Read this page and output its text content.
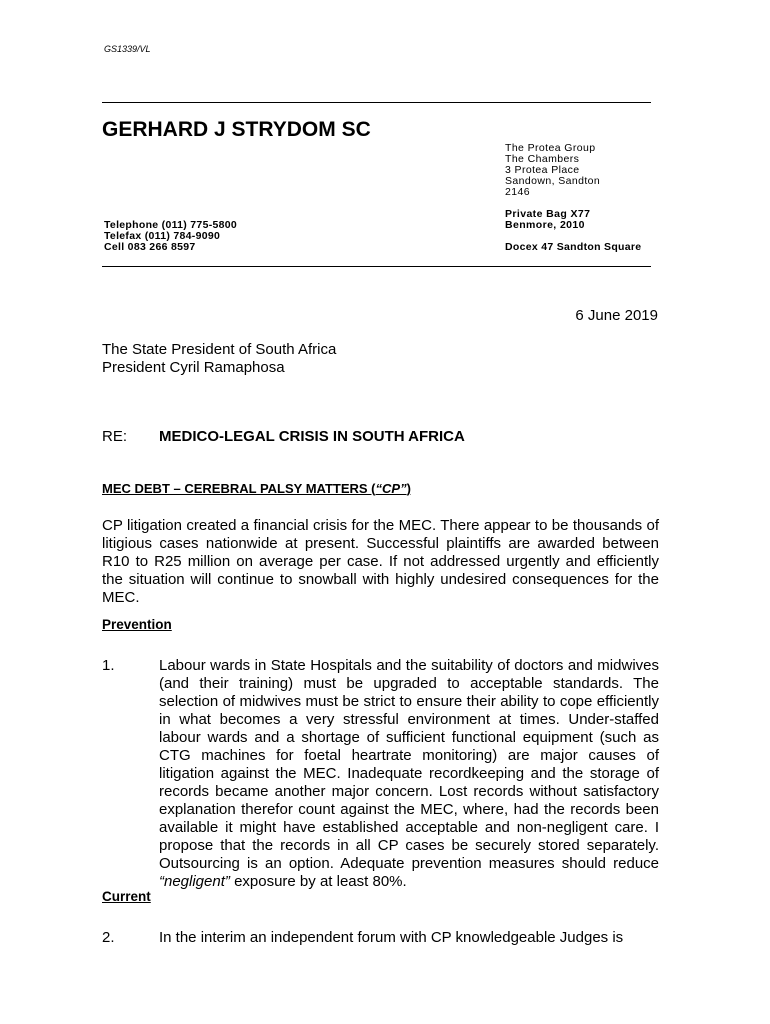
GS1339/VL
GERHARD J STRYDOM SC
The Protea Group
The Chambers
3 Protea Place
Sandown, Sandton
2146
Private Bag X77
Benmore, 2010
Telephone (011) 775-5800
Telefax (011) 784-9090
Cell 083 266 8597	Docex 47 Sandton Square
6 June 2019
The State President of South Africa
President Cyril Ramaphosa
RE: MEDICO-LEGAL CRISIS IN SOUTH AFRICA
MEC DEBT – CEREBRAL PALSY MATTERS (“CP”)
CP litigation created a financial crisis for the MEC. There appear to be thousands of litigious cases nationwide at present. Successful plaintiffs are awarded between R10 to R25 million on average per case. If not addressed urgently and efficiently the situation will continue to snowball with highly undesired consequences for the MEC.
Prevention
1.	Labour wards in State Hospitals and the suitability of doctors and midwives (and their training) must be upgraded to acceptable standards. The selection of midwives must be strict to ensure their ability to cope efficiently in what becomes a very stressful environment at times. Under-staffed labour wards and a shortage of sufficient functional equipment (such as CTG machines for foetal heartrate monitoring) are major causes of litigation against the MEC. Inadequate recordkeeping and the storage of records became another major concern. Lost records without satisfactory explanation therefor count against the MEC, where, had the records been available it might have established acceptable and non-negligent care. I propose that the records in all CP cases be securely stored separately. Outsourcing is an option. Adequate prevention measures should reduce “negligent” exposure by at least 80%.
Current
2.	In the interim an independent forum with CP knowledgeable Judges is
